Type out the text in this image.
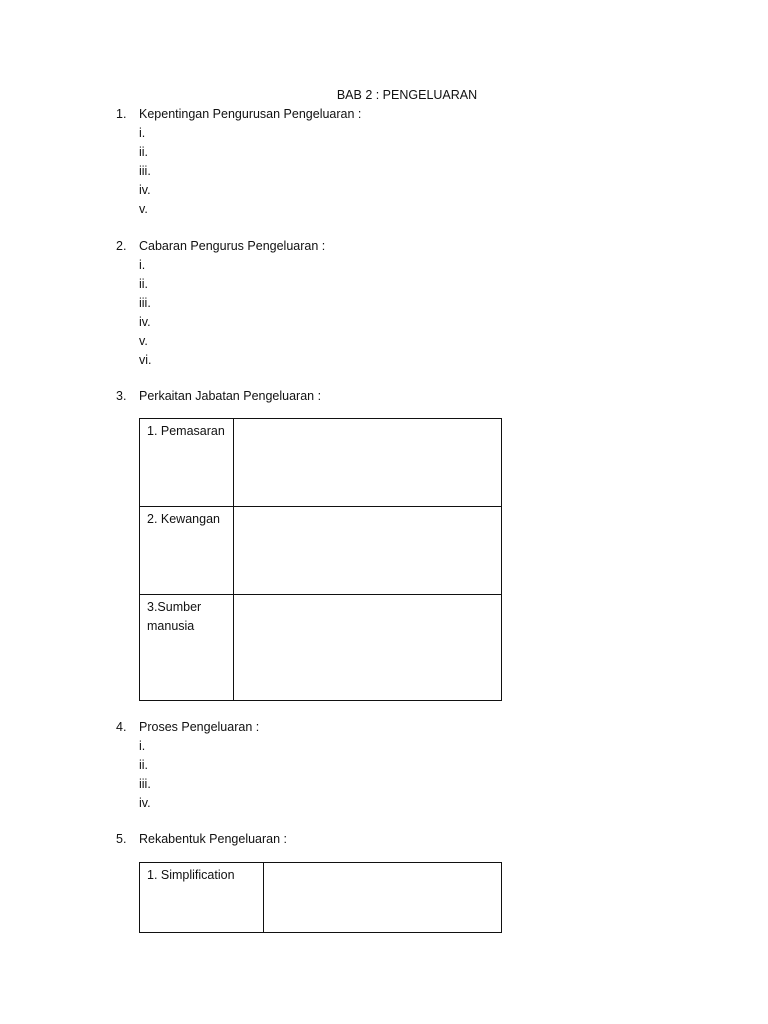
BAB 2 : PENGELUARAN
1. Kepentingan Pengurusan Pengeluaran :
i.
ii.
iii.
iv.
v.
2. Cabaran Pengurus Pengeluaran :
i.
ii.
iii.
iv.
v.
vi.
3. Perkaitan Jabatan Pengeluaran :
1. Pemasaran	

2. Kewangan	

3.Sumber manusia	

4. Proses Pengeluaran :
i.
ii.
iii.
iv.
5. Rekabentuk Pengeluaran :
1. Simplification
